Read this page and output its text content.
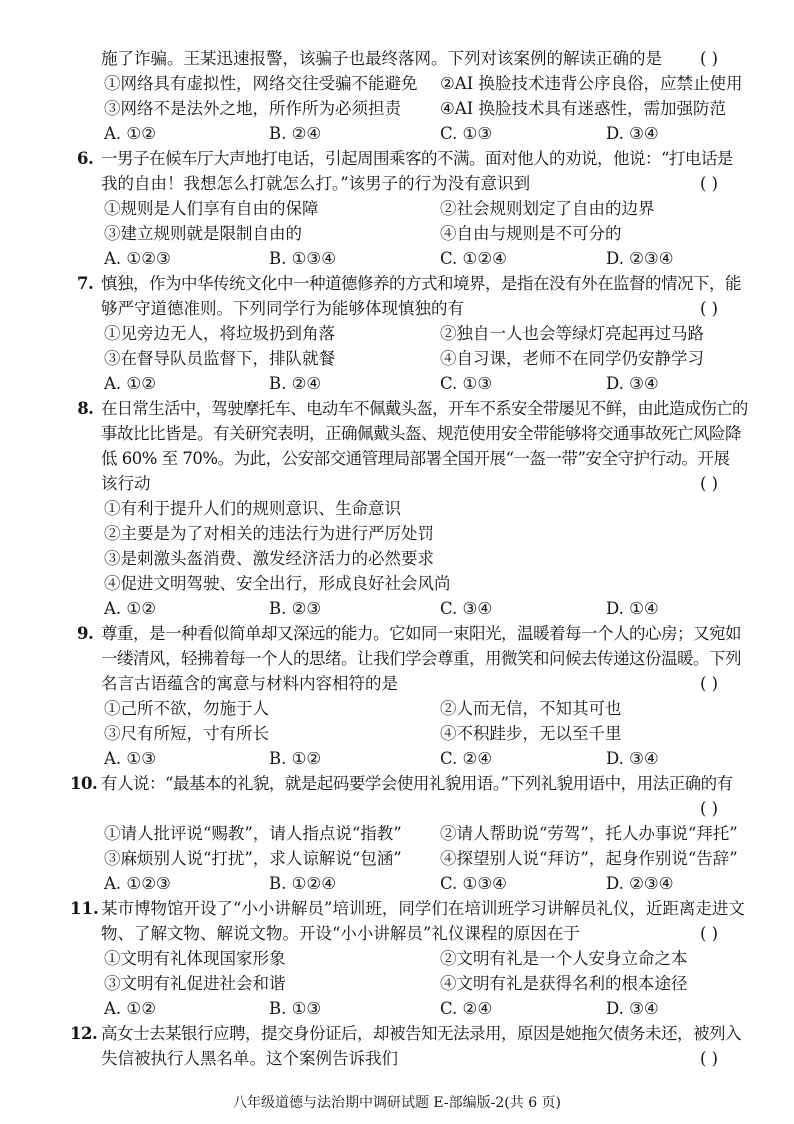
施了诈骗。王某迅速报警，该骗子也最终落网。下列对该案例的解读正确的是 ( )
①网络具有虚拟性，网络交往受骗不能避免 ②AI 换脸技术违背公序良俗，应禁止使用
③网络不是法外之地，所作所为必须担责 ④AI 换脸技术具有迷惑性，需加强防范
A. ①②	B. ②④	C. ①③	D. ③④
6. 一男子在候车厅大声地打电话，引起周围乘客的不满。面对他人的劝说，他说：“打电话是
我的自由！我想怎么打就怎么打。”该男子的行为没有意识到	( )
①规则是人们享有自由的保障	②社会规则划定了自由的边界
③建立规则就是限制自由的	④自由与规则是不可分的
A. ①②③	B. ①③④	C. ①②④	D. ②③④
7. 慎独，作为中华传统文化中一种道德修养的方式和境界，是指在没有外在监督的情况下，能
够严守道德准则。下列同学行为能够体现慎独的有	( )
①见旁边无人，将垃圾扔到角落	②独自一人也会等绿灯亮起再过马路
③在督导队员监督下，排队就餐	④自习课，老师不在同学仍安静学习
A. ①②	B. ②④	C. ①③	D. ③④
8. 在日常生活中，驾驶摩托车、电动车不佩戴头盔，开车不系安全带屡见不鲜，由此造成伤亡的
事故比比皆是。有关研究表明，正确佩戴头盔、规范使用安全带能够将交通事故死亡风险降
低 60% 至 70%。为此，公安部交通管理局部署全国开展“一盔一带”安全守护行动。开展
该行动	( )
①有利于提升人们的规则意识、生命意识
②主要是为了对相关的违法行为进行严厉处罚
③是刺激头盔消费、激发经济活力的必然要求
④促进文明驾驶、安全出行，形成良好社会风尚
A. ①②	B. ②③	C. ③④	D. ①④
9. 尊重，是一种看似简单却又深远的能力。它如同一束阳光，温暖着每一个人的心房；又宛如
一缕清风，轻拂着每一个人的思绪。让我们学会尊重，用微笑和问候去传递这份温暖。下列
名言古语蕴含的寓意与材料内容相符的是	( )
①己所不欲，勿施于人	②人而无信，不知其可也
③尺有所短，寸有所长	④不积跬步，无以至千里
A. ①③	B. ①②	C. ②④	D. ③④
10. 有人说：“最基本的礼貌，就是起码要学会使用礼貌用语。”下列礼貌用语中，用法正确的有
( )
①请人批评说“赐教”，请人指点说“指教” ②请人帮助说“劳驾”，托人办事说“拜托”
③麻烦别人说“打扰”，求人谅解说“包涵” ④探望别人说“拜访”，起身作别说“告辞”
A. ①②③	B. ①②④	C. ①③④	D. ②③④
11. 某市博物馆开设了“小小讲解员”培训班，同学们在培训班学习讲解员礼仪，近距离走进文
物、了解文物、解说文物。开设“小小讲解员”礼仪课程的原因在于	( )
①文明有礼体现国家形象	②文明有礼是一个人安身立命之本
③文明有礼促进社会和谐	④文明有礼是获得名利的根本途径
A. ①②	B. ①③	C. ②④	D. ③④
12. 高女士去某银行应聘，提交身份证后，却被告知无法录用，原因是她拖欠债务未还，被列入
失信被执行人黑名单。这个案例告诉我们	( )
八年级道德与法治期中调研试题 E-部编版-2(共 6 页)
